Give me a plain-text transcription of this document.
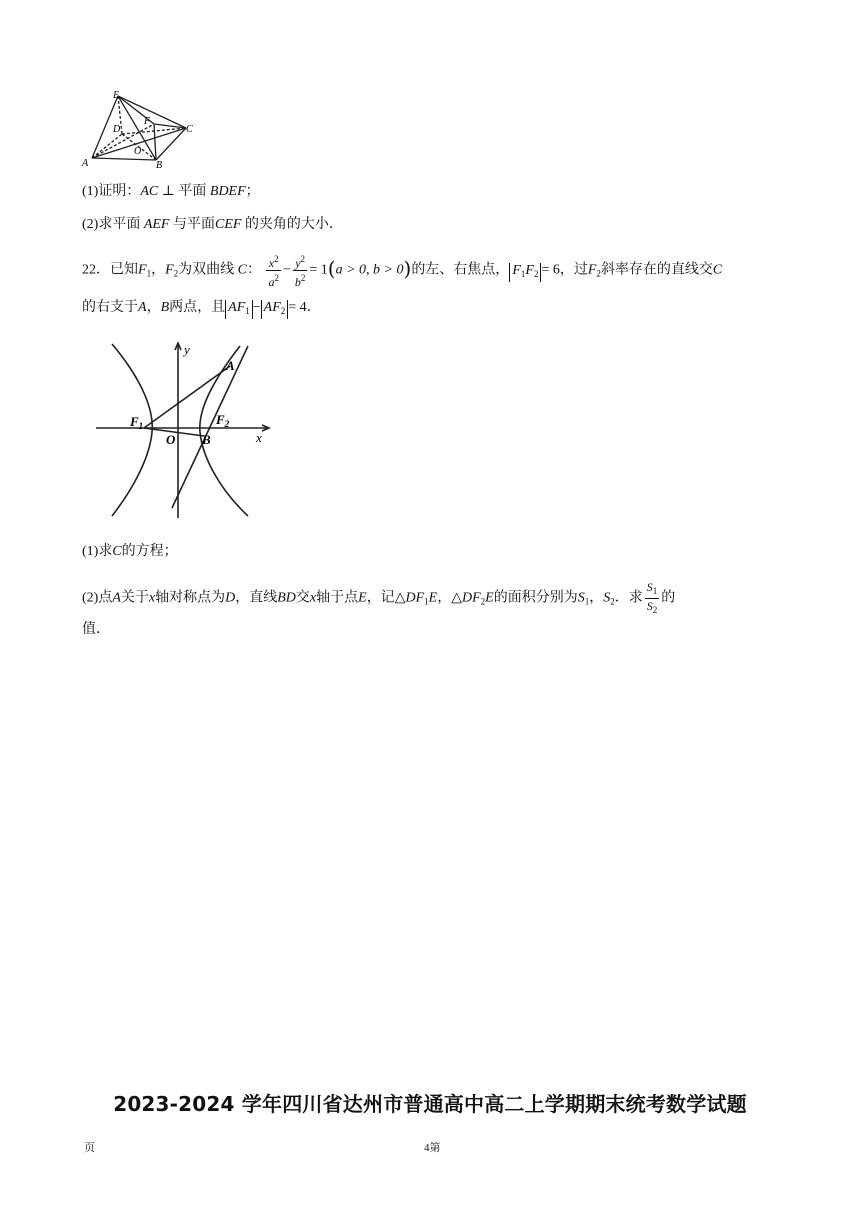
E
D
F
C
O
A	B
(1)证明：AC ⊥ 平面 BDEF；
(2)求平面 AEF 与平面CEF 的夹角的大小．
22．已知$F_1$，$F_2$为双曲线 C： $\frac{x^2}{a^2} - \frac{y^2}{b^2} = 1(a > 0$, b > 0)的左、右焦点， $F_1F_2 = 6$，过$F_2$斜率存在的直线交C
的右支于A，B两点，且 $AF_1 - AF_2 = 4$．
y
x
A
$F_1$	$F_2$
O B
(1)求C的方程；
(2)点A关于x轴对称点为D，直线BD交x轴于点E，记$\triangle DF_1E$，$\triangle DF_2E$的面积分别为$S_1$，$S_2$．求 $\frac{S_1}{S_2}$ 的
值．
2023-2024 学年四川省达州市普通高中高二上学期期末统考数学试题
页	4第
